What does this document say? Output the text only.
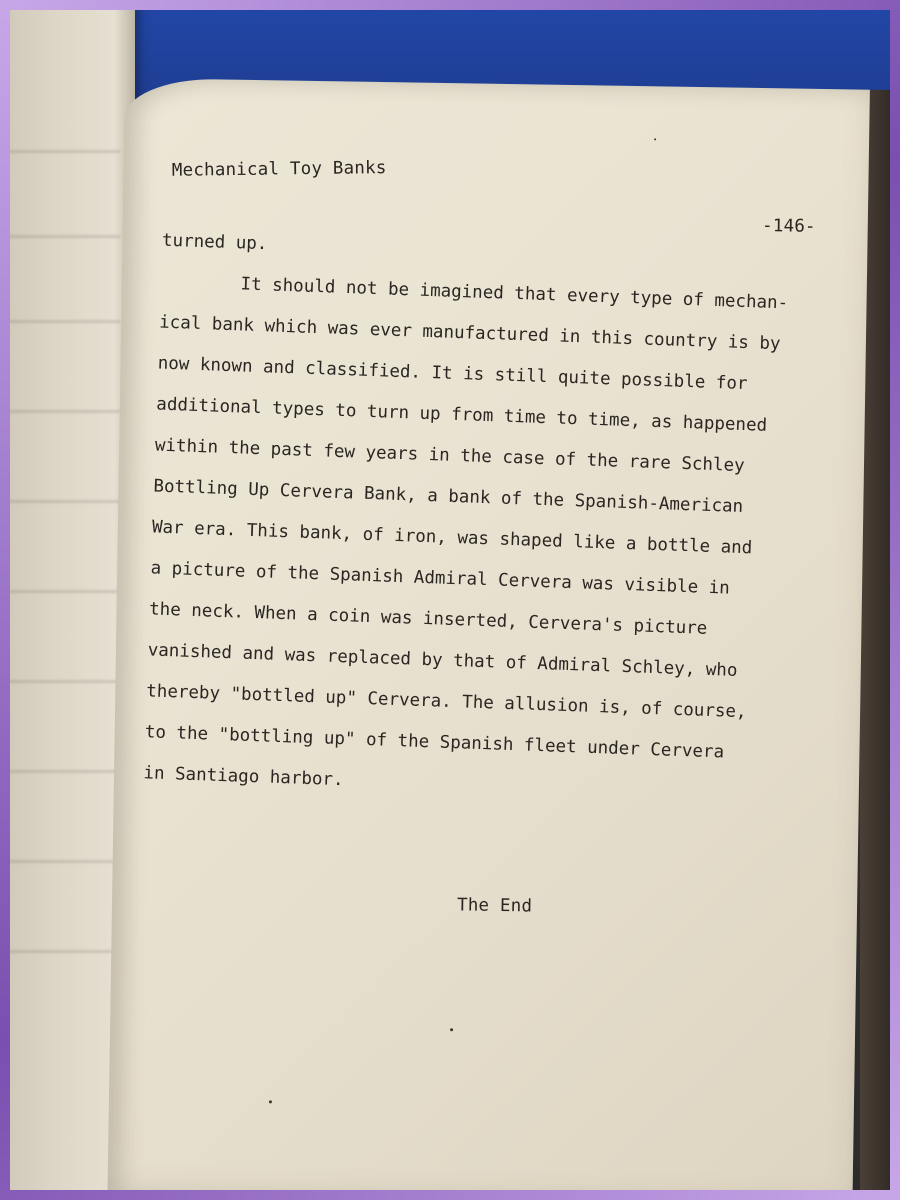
Mechanical Toy Banks
-146-
turned up.
It should not be imagined that every type of mechan-
ical bank which was ever manufactured in this country is by
now known and classified. It is still quite possible for
additional types to turn up from time to time, as happened
within the past few years in the case of the rare Schley
Bottling Up Cervera Bank, a bank of the Spanish-American
War era. This bank, of iron, was shaped like a bottle and
a picture of the Spanish Admiral Cervera was visible in
the neck. When a coin was inserted, Cervera's picture
vanished and was replaced by that of Admiral Schley, who
thereby "bottled up" Cervera. The allusion is, of course,
to the "bottling up" of the Spanish fleet under Cervera
in Santiago harbor.
The End
